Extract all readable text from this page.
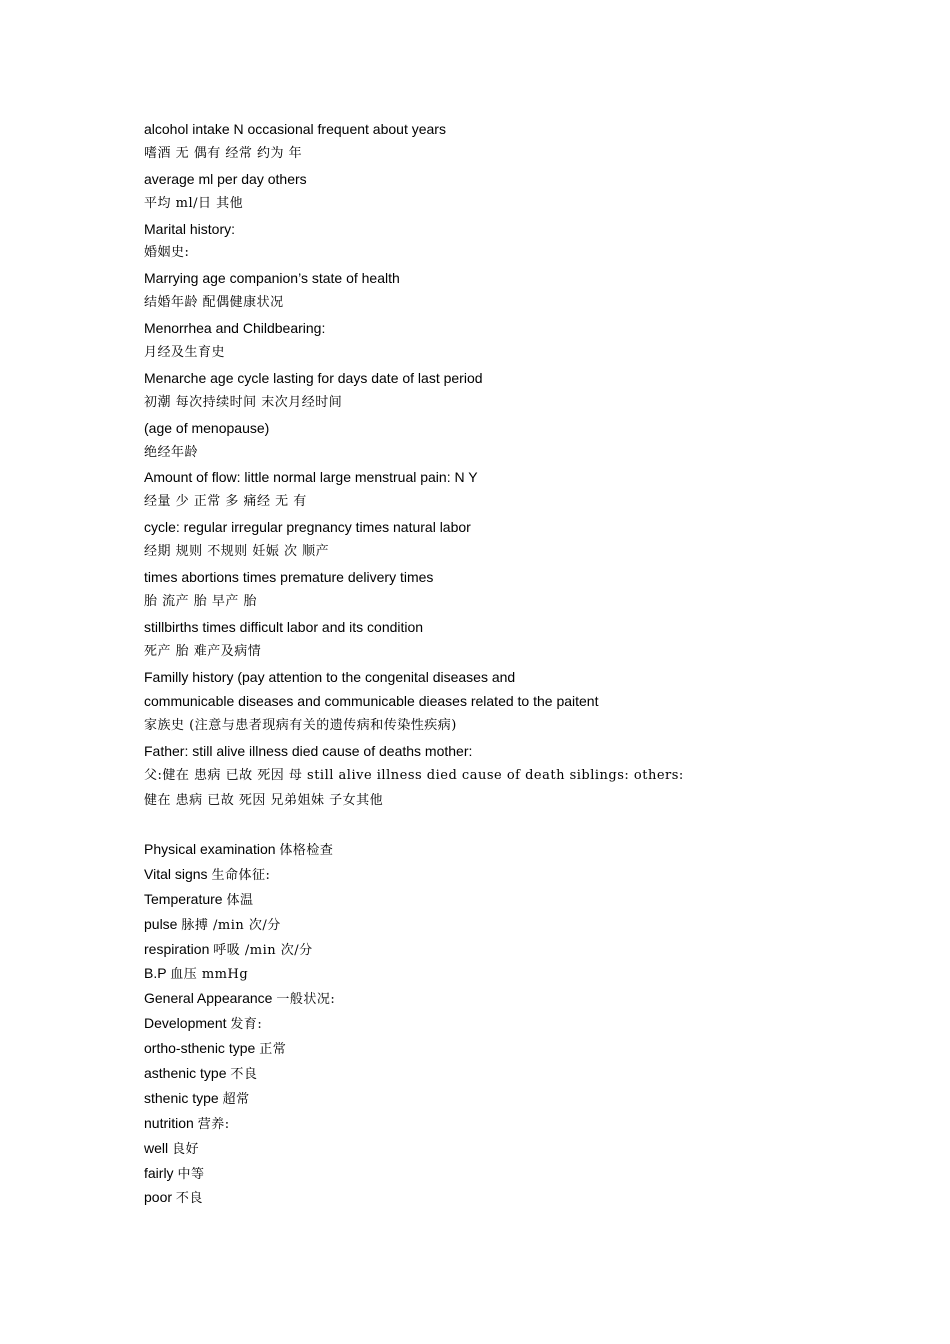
alcohol intake N occasional frequent about years
嗜酒 无 偶有 经常 约为 年
average ml per day others
平均 ml/日 其他
Marital history:
婚姻史:
Marrying age companion’s state of health
结婚年龄 配偶健康状况
Menorrhea and Childbearing:
月经及生育史
Menarche age cycle lasting for days date of last period
初潮 每次持续时间 末次月经时间
(age of menopause)
绝经年龄
Amount of flow: little normal large menstrual pain: N Y
经量 少 正常 多 痛经 无 有
cycle: regular irregular pregnancy times natural labor
经期 规则 不规则 妊娠 次 顺产
times abortions times premature delivery times
胎 流产 胎 早产 胎
stillbirths times difficult labor and its condition
死产 胎 难产及病情
Familly history (pay attention to the congenital diseases and
communicable diseases and communicable dieases related to the paitent
家族史 (注意与患者现病有关的遗传病和传染性疾病)
Father: still alive illness died cause of deaths mother:
父:健在 患病 已故 死因 母 still alive illness died cause of death siblings: others:
健在 患病 已故 死因 兄弟姐妹 子女其他
Physical examination 体格检查
Vital signs 生命体征:
Temperature 体温
pulse 脉搏 /min 次/分
respiration 呼吸 /min 次/分
B.P 血压 mmHg
General Appearance 一般状况:
Development 发育:
ortho-sthenic type 正常
asthenic type 不良
sthenic type 超常
nutrition 营养:
well 良好
fairly 中等
poor 不良
